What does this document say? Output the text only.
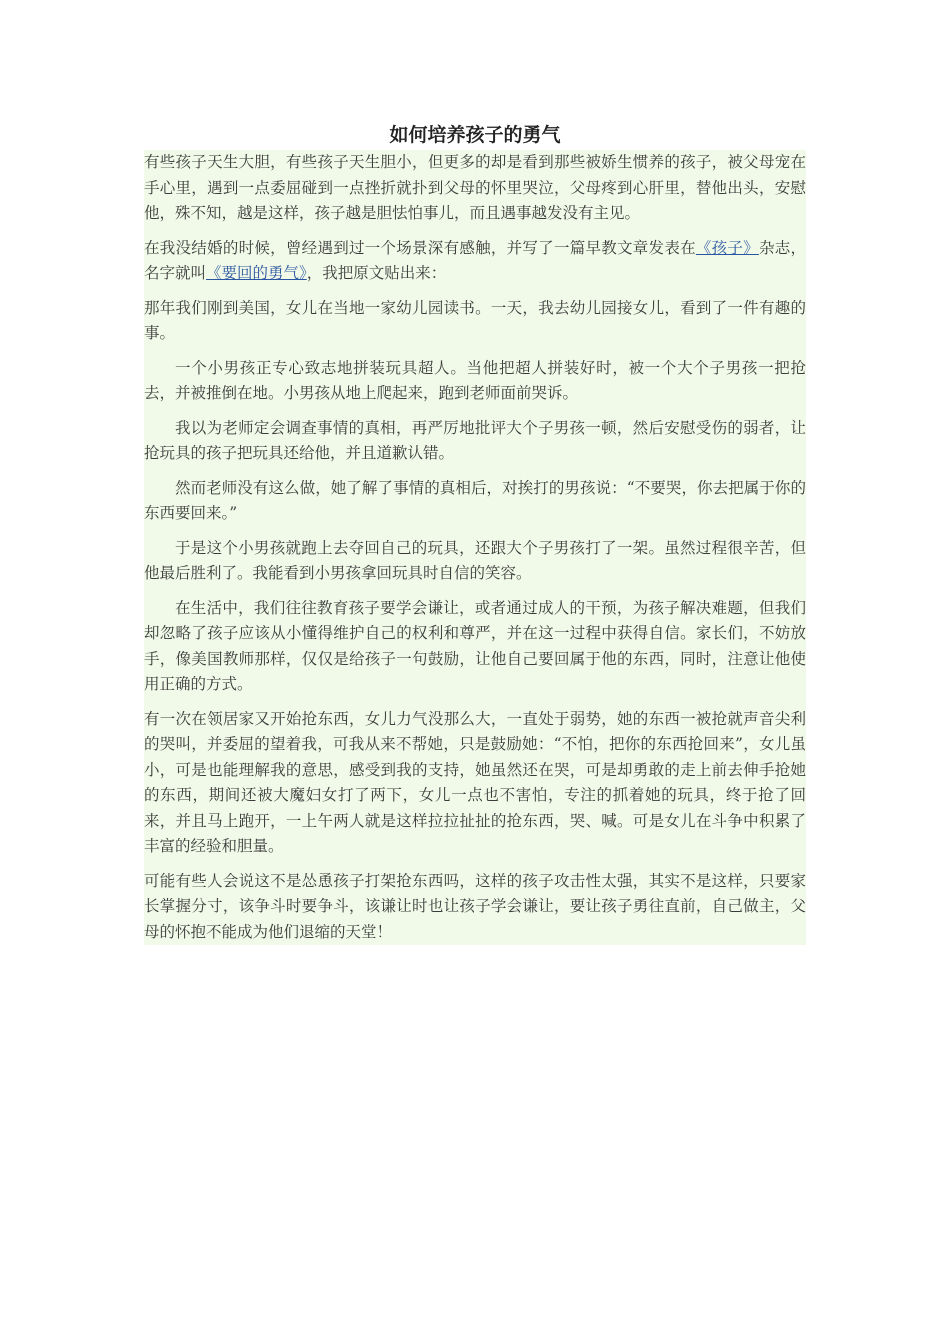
如何培养孩子的勇气

有些孩子天生大胆，有些孩子天生胆小，但更多的却是看到那些被娇生惯养的孩子，被父母宠在手心里，遇到一点委屈碰到一点挫折就扑到父母的怀里哭泣，父母疼到心肝里，替他出头，安慰他，殊不知，越是这样，孩子越是胆怯怕事儿，而且遇事越发没有主见。

在我没结婚的时候，曾经遇到过一个场景深有感触，并写了一篇早教文章发表在《孩子》杂志，名字就叫《要回的勇气》，我把原文贴出来：

那年我们刚到美国，女儿在当地一家幼儿园读书。一天，我去幼儿园接女儿，看到了一件有趣的事。

一个小男孩正专心致志地拼装玩具超人。当他把超人拼装好时，被一个大个子男孩一把抢去，并被推倒在地。小男孩从地上爬起来，跑到老师面前哭诉。

我以为老师定会调查事情的真相，再严厉地批评大个子男孩一顿，然后安慰受伤的弱者，让抢玩具的孩子把玩具还给他，并且道歉认错。

然而老师没有这么做，她了解了事情的真相后，对挨打的男孩说：“不要哭，你去把属于你的东西要回来。”

于是这个小男孩就跑上去夺回自己的玩具，还跟大个子男孩打了一架。虽然过程很辛苦，但他最后胜利了。我能看到小男孩拿回玩具时自信的笑容。

在生活中，我们往往教育孩子要学会谦让，或者通过成人的干预，为孩子解决难题，但我们却忽略了孩子应该从小懂得维护自己的权利和尊严，并在这一过程中获得自信。家长们，不妨放手，像美国教师那样，仅仅是给孩子一句鼓励，让他自己要回属于他的东西，同时，注意让他使用正确的方式。

有一次在领居家又开始抢东西，女儿力气没那么大，一直处于弱势，她的东西一被抢就声音尖利的哭叫，并委屈的望着我，可我从来不帮她，只是鼓励她：“不怕，把你的东西抢回来”，女儿虽小，可是也能理解我的意思，感受到我的支持，她虽然还在哭，可是却勇敢的走上前去伸手抢她的东西，期间还被大魔妇女打了两下，女儿一点也不害怕，专注的抓着她的玩具，终于抢了回来，并且马上跑开，一上午两人就是这样拉拉扯扯的抢东西，哭、喊。可是女儿在斗争中积累了丰富的经验和胆量。

可能有些人会说这不是怂恿孩子打架抢东西吗，这样的孩子攻击性太强，其实不是这样，只要家长掌握分寸，该争斗时要争斗，该谦让时也让孩子学会谦让，要让孩子勇往直前，自己做主，父母的怀抱不能成为他们退缩的天堂！
